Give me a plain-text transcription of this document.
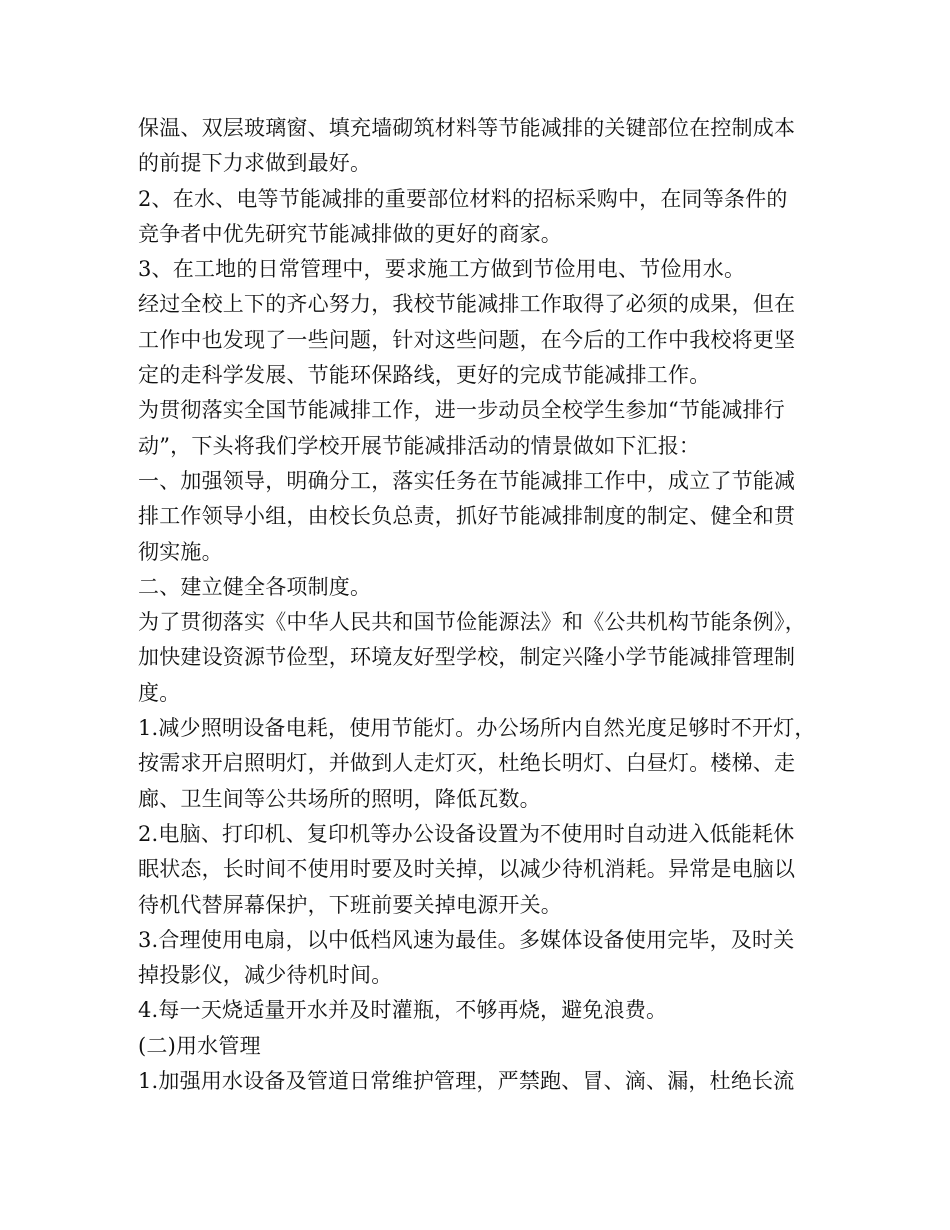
保温、双层玻璃窗、填充墙砌筑材料等节能减排的关键部位在控制成本
的前提下力求做到最好。
2、在水、电等节能减排的重要部位材料的招标采购中，在同等条件的
竞争者中优先研究节能减排做的更好的商家。
3、在工地的日常管理中，要求施工方做到节俭用电、节俭用水。
经过全校上下的齐心努力，我校节能减排工作取得了必须的成果，但在
工作中也发现了一些问题，针对这些问题，在今后的工作中我校将更坚
定的走科学发展、节能环保路线，更好的完成节能减排工作。
为贯彻落实全国节能减排工作，进一步动员全校学生参加“节能减排行
动”，下头将我们学校开展节能减排活动的情景做如下汇报：
一、加强领导，明确分工，落实任务在节能减排工作中，成立了节能减
排工作领导小组，由校长负总责，抓好节能减排制度的制定、健全和贯
彻实施。
二、建立健全各项制度。
为了贯彻落实《中华人民共和国节俭能源法》和《公共机构节能条例》，
加快建设资源节俭型，环境友好型学校，制定兴隆小学节能减排管理制
度。
1.减少照明设备电耗，使用节能灯。办公场所内自然光度足够时不开灯，
按需求开启照明灯，并做到人走灯灭，杜绝长明灯、白昼灯。楼梯、走
廊、卫生间等公共场所的照明，降低瓦数。
2.电脑、打印机、复印机等办公设备设置为不使用时自动进入低能耗休
眠状态，长时间不使用时要及时关掉，以减少待机消耗。异常是电脑以
待机代替屏幕保护，下班前要关掉电源开关。
3.合理使用电扇，以中低档风速为最佳。多媒体设备使用完毕，及时关
掉投影仪，减少待机时间。
4.每一天烧适量开水并及时灌瓶，不够再烧，避免浪费。
(二)用水管理
1.加强用水设备及管道日常维护管理，严禁跑、冒、滴、漏，杜绝长流
